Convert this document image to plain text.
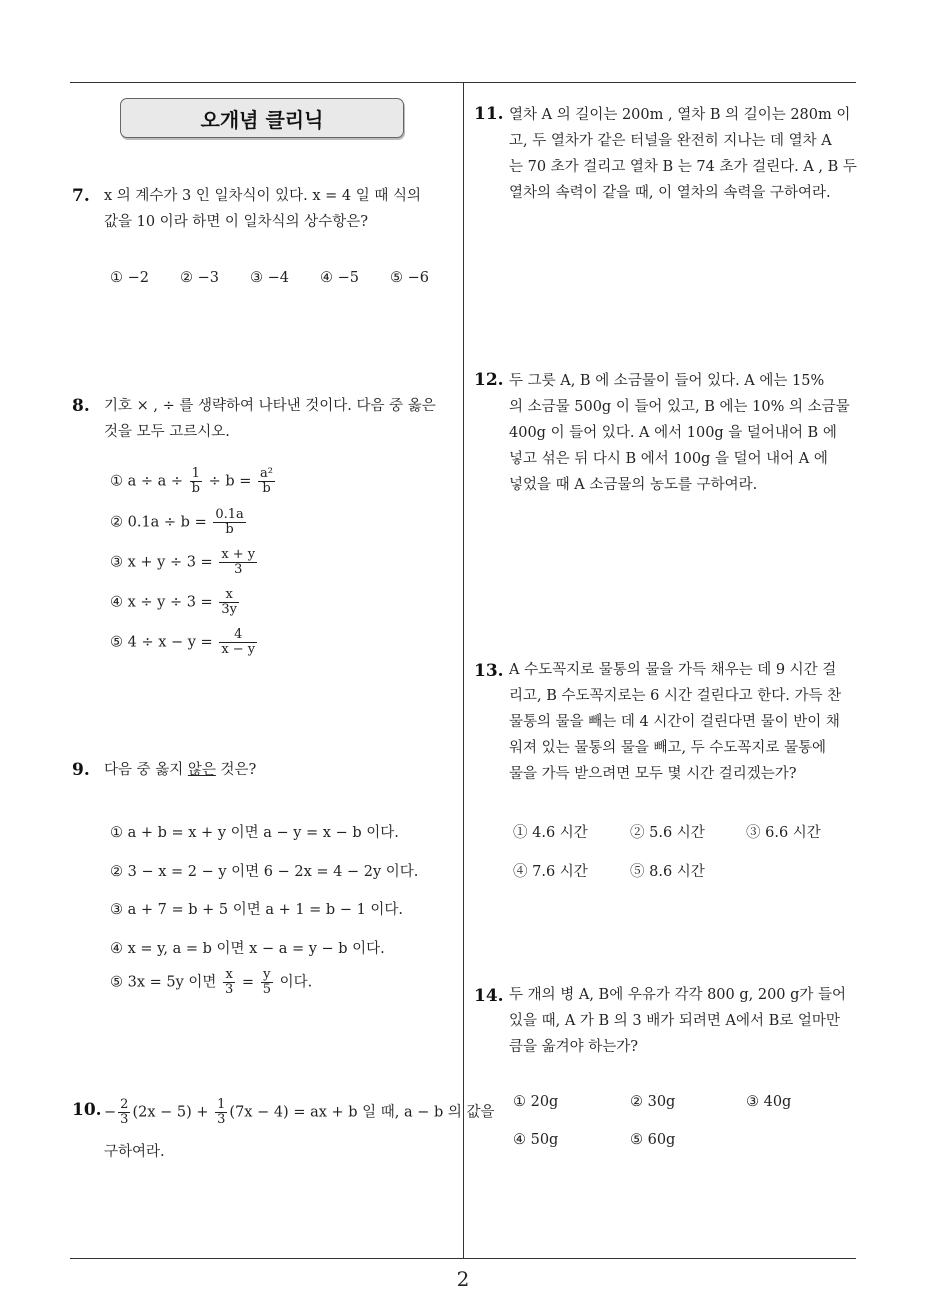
오개념 클리닉
7. x 의 계수가 3 인 일차식이 있다. x = 4 일 때 식의
값을 10 이라 하면 이 일차식의 상수항은?
① −2 ② −3 ③ −4 ④ −5 ⑤ −6
8. 기호 × , ÷ 를 생략하여 나타낸 것이다. 다음 중 옳은
것을 모두 고르시오.
① $a \div a \div \frac{1}{b} \div b = \frac{\text{a²}}{b}$
② $0.1a \div b = \frac{0.1a}{b}$
③ $x + y \div 3 = \frac{x + y}{3}$
④ $x \div y \div 3 = \frac{x}{3y}$
⑤ $4 \div x - y = \frac{4}{x - y}$
9. 다음 중 옳지 않은 것은?
① a + b = x + y 이면 a − y = x − b 이다.
② 3 − x = 2 − y 이면 6 − 2x = 4 − 2y 이다.
③ a + 7 = b + 5 이면 a + 1 = b − 1 이다.
④ x = y, a = b 이면 x − a = y − b 이다.
⑤ 3x = 5y 이면 $\frac{x}{3} = \frac{y}{5}$ 이다.
10. − $\frac{2}{3} (2x - 5) + \frac{1}{3} (7x - 4)$ = ax + b 일 때, a − b 의 값을
구하여라.
11. 열차 A 의 길이는 200m , 열차 B 의 길이는 280m 이
고, 두 열차가 같은 터널을 완전히 지나는 데 열차 A
는 70 초가 걸리고 열차 B 는 74 초가 걸린다. A , B 두
열차의 속력이 같을 때, 이 열차의 속력을 구하여라.
12. 두 그릇 A, B 에 소금물이 들어 있다. A 에는 15%
의 소금물 500g 이 들어 있고, B 에는 10% 의 소금물
400g 이 들어 있다. A 에서 100g 을 덜어내어 B 에
넣고 섞은 뒤 다시 B 에서 100g 을 덜어 내어 A 에
넣었을 때 A 소금물의 농도를 구하여라.
13. A 수도꼭지로 물통의 물을 가득 채우는 데 9 시간 걸
리고, B 수도꼭지로는 6 시간 걸린다고 한다. 가득 찬
물통의 물을 빼는 데 4 시간이 걸린다면 물이 반이 채
워져 있는 물통의 물을 빼고, 두 수도꼭지로 물통에
물을 가득 받으려면 모두 몇 시간 걸리겠는가?
① 4.6 시간	② 5.6 시간	③ 6.6 시간
④ 7.6 시간	⑤ 8.6 시간
14. 두 개의 병 A, B에 우유가 각각 800 g, 200 g가 들어
있을 때, A 가 B 의 3 배가 되려면 A에서 B로 얼마만
큼을 옮겨야 하는가?
① 20g	② 30g	③ 40g
④ 50g	⑤ 60g
2
